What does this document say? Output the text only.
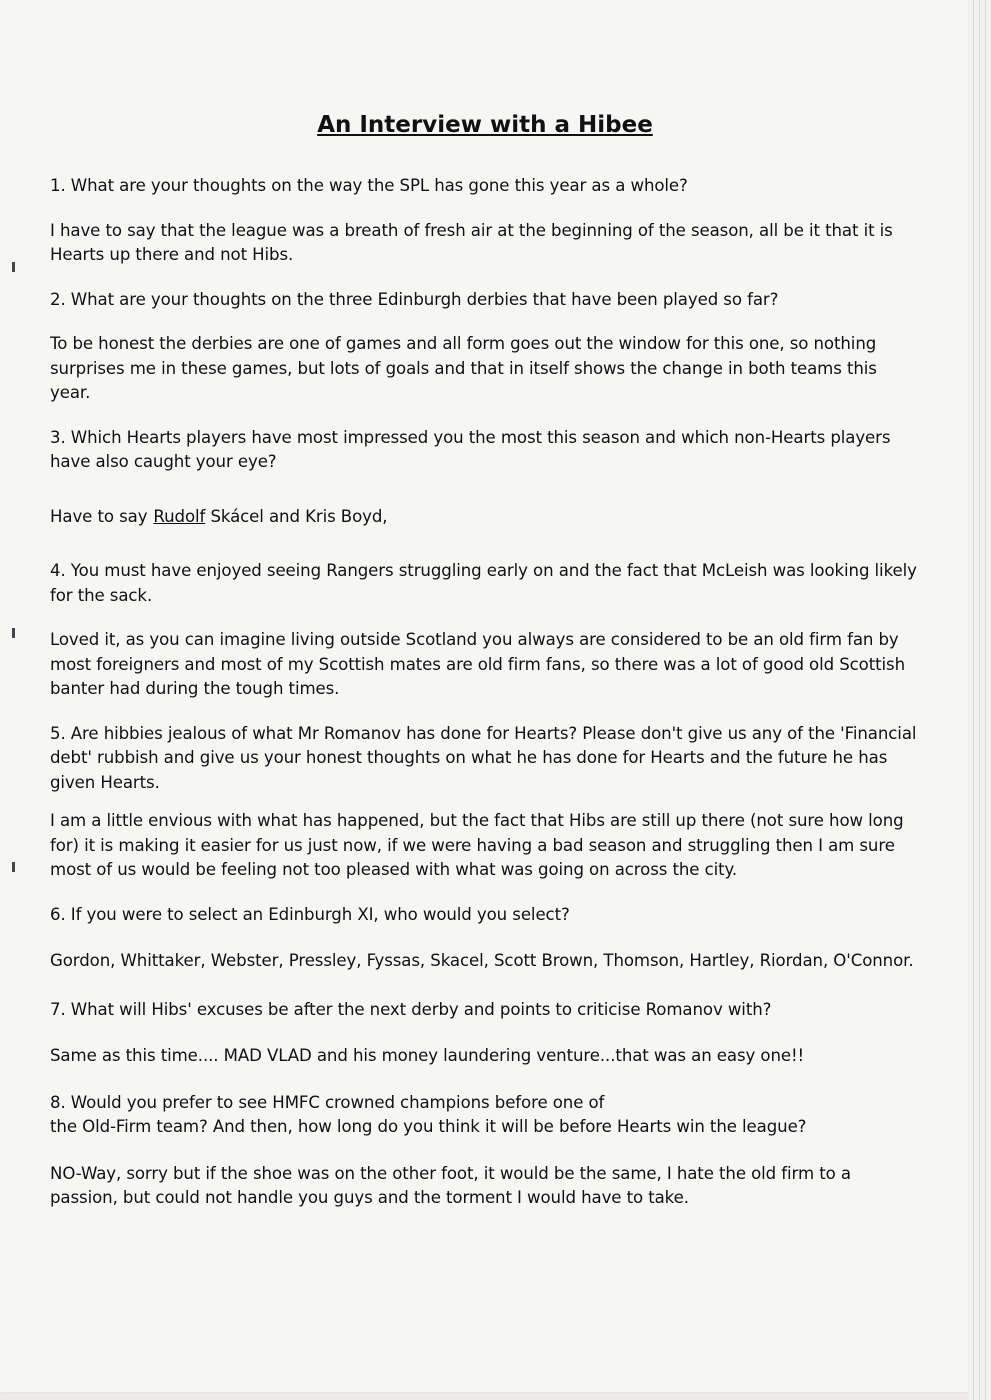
An Interview with a Hibee

1. What are your thoughts on the way the SPL has gone this year as a whole?

I have to say that the league was a breath of fresh air at the beginning of the season, all be it that it is Hearts up there and not Hibs.

2. What are your thoughts on the three Edinburgh derbies that have been played so far?

To be honest the derbies are one of games and all form goes out the window for this one, so nothing surprises me in these games, but lots of goals and that in itself shows the change in both teams this year.

3. Which Hearts players have most impressed you the most this season and which non-Hearts players have also caught your eye?

Have to say Rudolf Skácel and Kris Boyd,

4. You must have enjoyed seeing Rangers struggling early on and the fact that McLeish was looking likely for the sack.

Loved it, as you can imagine living outside Scotland you always are considered to be an old firm fan by most foreigners and most of my Scottish mates are old firm fans, so there was a lot of good old Scottish banter had during the tough times.

5. Are hibbies jealous of what Mr Romanov has done for Hearts? Please don't give us any of the 'Financial debt' rubbish and give us your honest thoughts on what he has done for Hearts and the future he has given Hearts.

I am a little envious with what has happened, but the fact that Hibs are still up there (not sure how long for) it is making it easier for us just now, if we were having a bad season and struggling then I am sure most of us would be feeling not too pleased with what was going on across the city.

6. If you were to select an Edinburgh XI, who would you select?

Gordon, Whittaker, Webster, Pressley, Fyssas, Skacel, Scott Brown, Thomson, Hartley, Riordan, O'Connor.

7. What will Hibs' excuses be after the next derby and points to criticise Romanov with?

Same as this time.... MAD VLAD and his money laundering venture...that was an easy one!!

8. Would you prefer to see HMFC crowned champions before one of
the Old-Firm team? And then, how long do you think it will be before Hearts win the league?

NO-Way, sorry but if the shoe was on the other foot, it would be the same, I hate the old firm to a passion, but could not handle you guys and the torment I would have to take.
